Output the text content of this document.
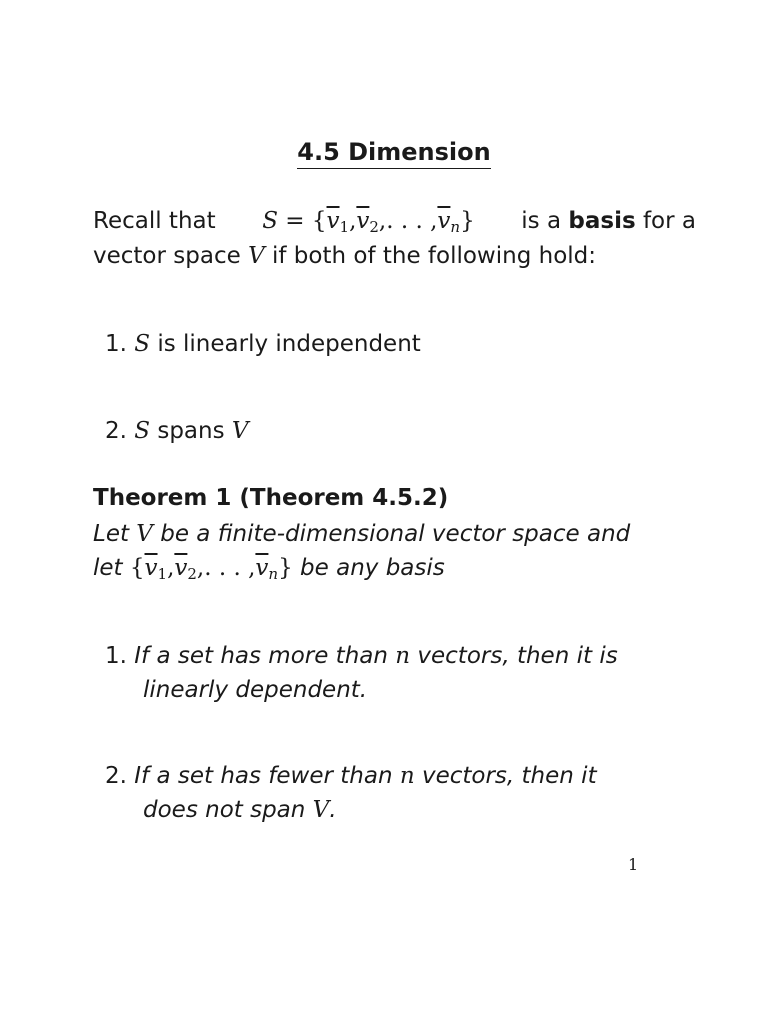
4.5 Dimension
Recall that $S = \{\overline{v}_1,\overline{v}_2$,. . . $,\overline{v}_n$} is a basis for a
vector space V if both of the following hold:
1. S is linearly independent
2. S spans V
Theorem 1 (Theorem 4.5.2)
Let V be a finite-dimensional vector space and
let {$\overline{v}_1,\overline{v}_2$,. . . $,\overline{v}_n$} be any basis
1. If a set has more than n vectors, then it is
linearly dependent.
2. If a set has fewer than n vectors, then it
does not span V.
1
